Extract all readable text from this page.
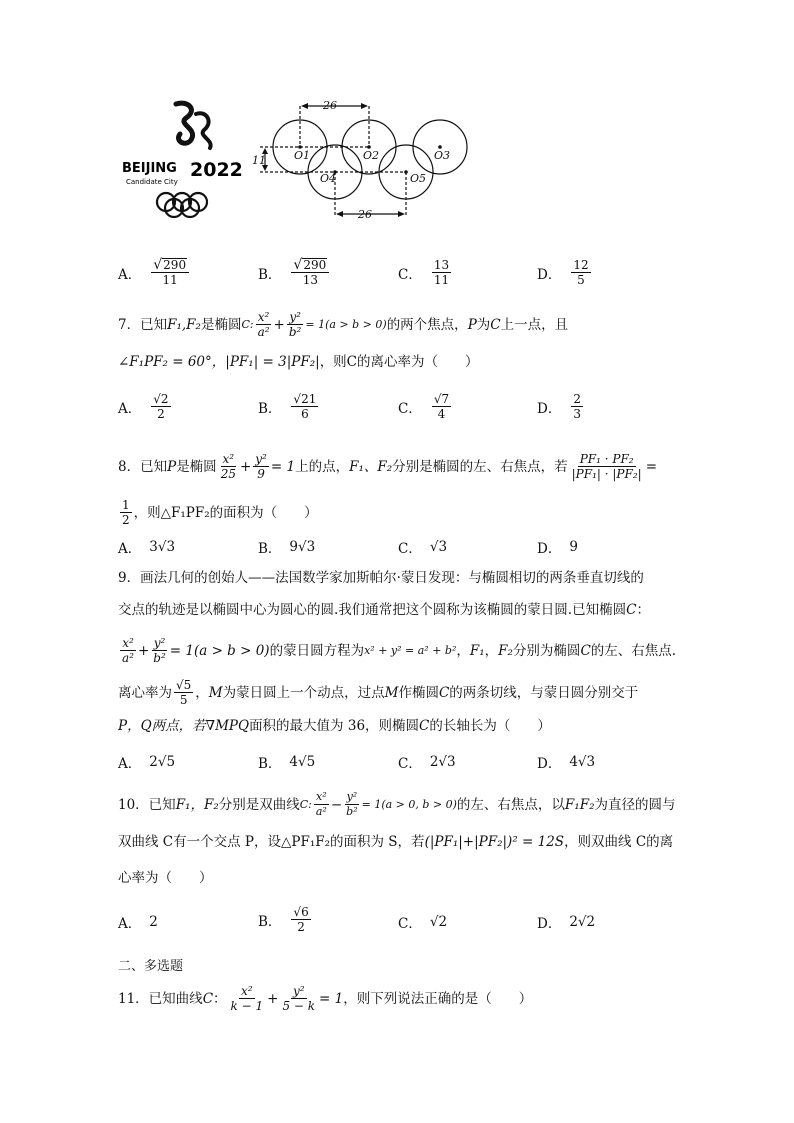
BEIJING 2022
Candidate City
26
26
11	O1	O2	O3
O4	O5
A． $\frac{√ 290}{11}$	B． $\frac{√ 290}{13}$	C． $\frac{13}{11}$	D． $\frac{12}{5}$
7．已知 F₁,F₂ 是椭圆 C: $\frac{\text{x²}}{\text{a²}} + \frac{\text{y²}}{\text{b²}} = 1(a > b > 0)$ 的两个焦点， P 为 C 上一点，且
∠F₁PF₂ = 60°，|PF₁| = 3|PF₂|，则C的离心率为（　　）
A． $\frac{√2}{2}$	B． $\frac{√21}{6}$	C． $\frac{√7}{4}$	D． $\frac{2}{3}$
8．已知 P 是椭圆 $\frac{\text{x²}}{25} + \frac{\text{y²}}{9} = 1$ 上的点， F₁、F₂ 分别是椭圆的左、右焦点，若 $\frac{\text{PF₁ · PF₂}}{\text{|PF₁| · |PF₂|}}$ =
$\frac{1}{2}$ ，则△F₁PF₂的面积为（　　）
A． 3√3	B． 9√3	C． √3	D． 9
9．画法几何的创始人——法国数学家加斯帕尔·蒙日发现：与椭圆相切的两条垂直切线的
交点的轨迹是以椭圆中心为圆心的圆.我们通常把这个圆称为该椭圆的蒙日圆.已知椭圆C：
$\frac{\text{x²}}{\text{a²}} + \frac{\text{y²}}{\text{b²}} = 1(a > b > 0)$ 的蒙日圆方程为 x² + y² = a² + b² ， F₁ ， F₂ 分别为椭圆 C 的左、右焦点.
离心率为 $\frac{√5}{5}$ ， M 为蒙日圆上一个动点，过点 M 作椭圆 C 的两条切线，与蒙日圆分别交于
P，Q两点，若∇MPQ面积的最大值为 36，则椭圆C的长轴长为（　　）
A． 2√5	B． 4√5	C． 2√3	D． 4√3
10．已知 F₁，F₂ 分别是双曲线 C: $\frac{\text{x²}}{\text{a²}} - \frac{\text{y²}}{\text{b²}} = 1(a > 0$, b > 0) 的左、右焦点，以 F₁F₂ 为直径的圆与
双曲线 C有一个交点 P，设△PF₁F₂的面积为 S，若(|PF₁|+|PF₂|)² = 12S，则双曲线 C的离
心率为（　　）
A． 2	B． $\frac{√6}{2}$	C． √2	D． 2√2
二、多选题
11．已知曲线 C ： $\frac{\text{x²}}{k - 1} + \frac{\text{y²}}{5 - k} = 1$ ，则下列说法正确的是（　　）
